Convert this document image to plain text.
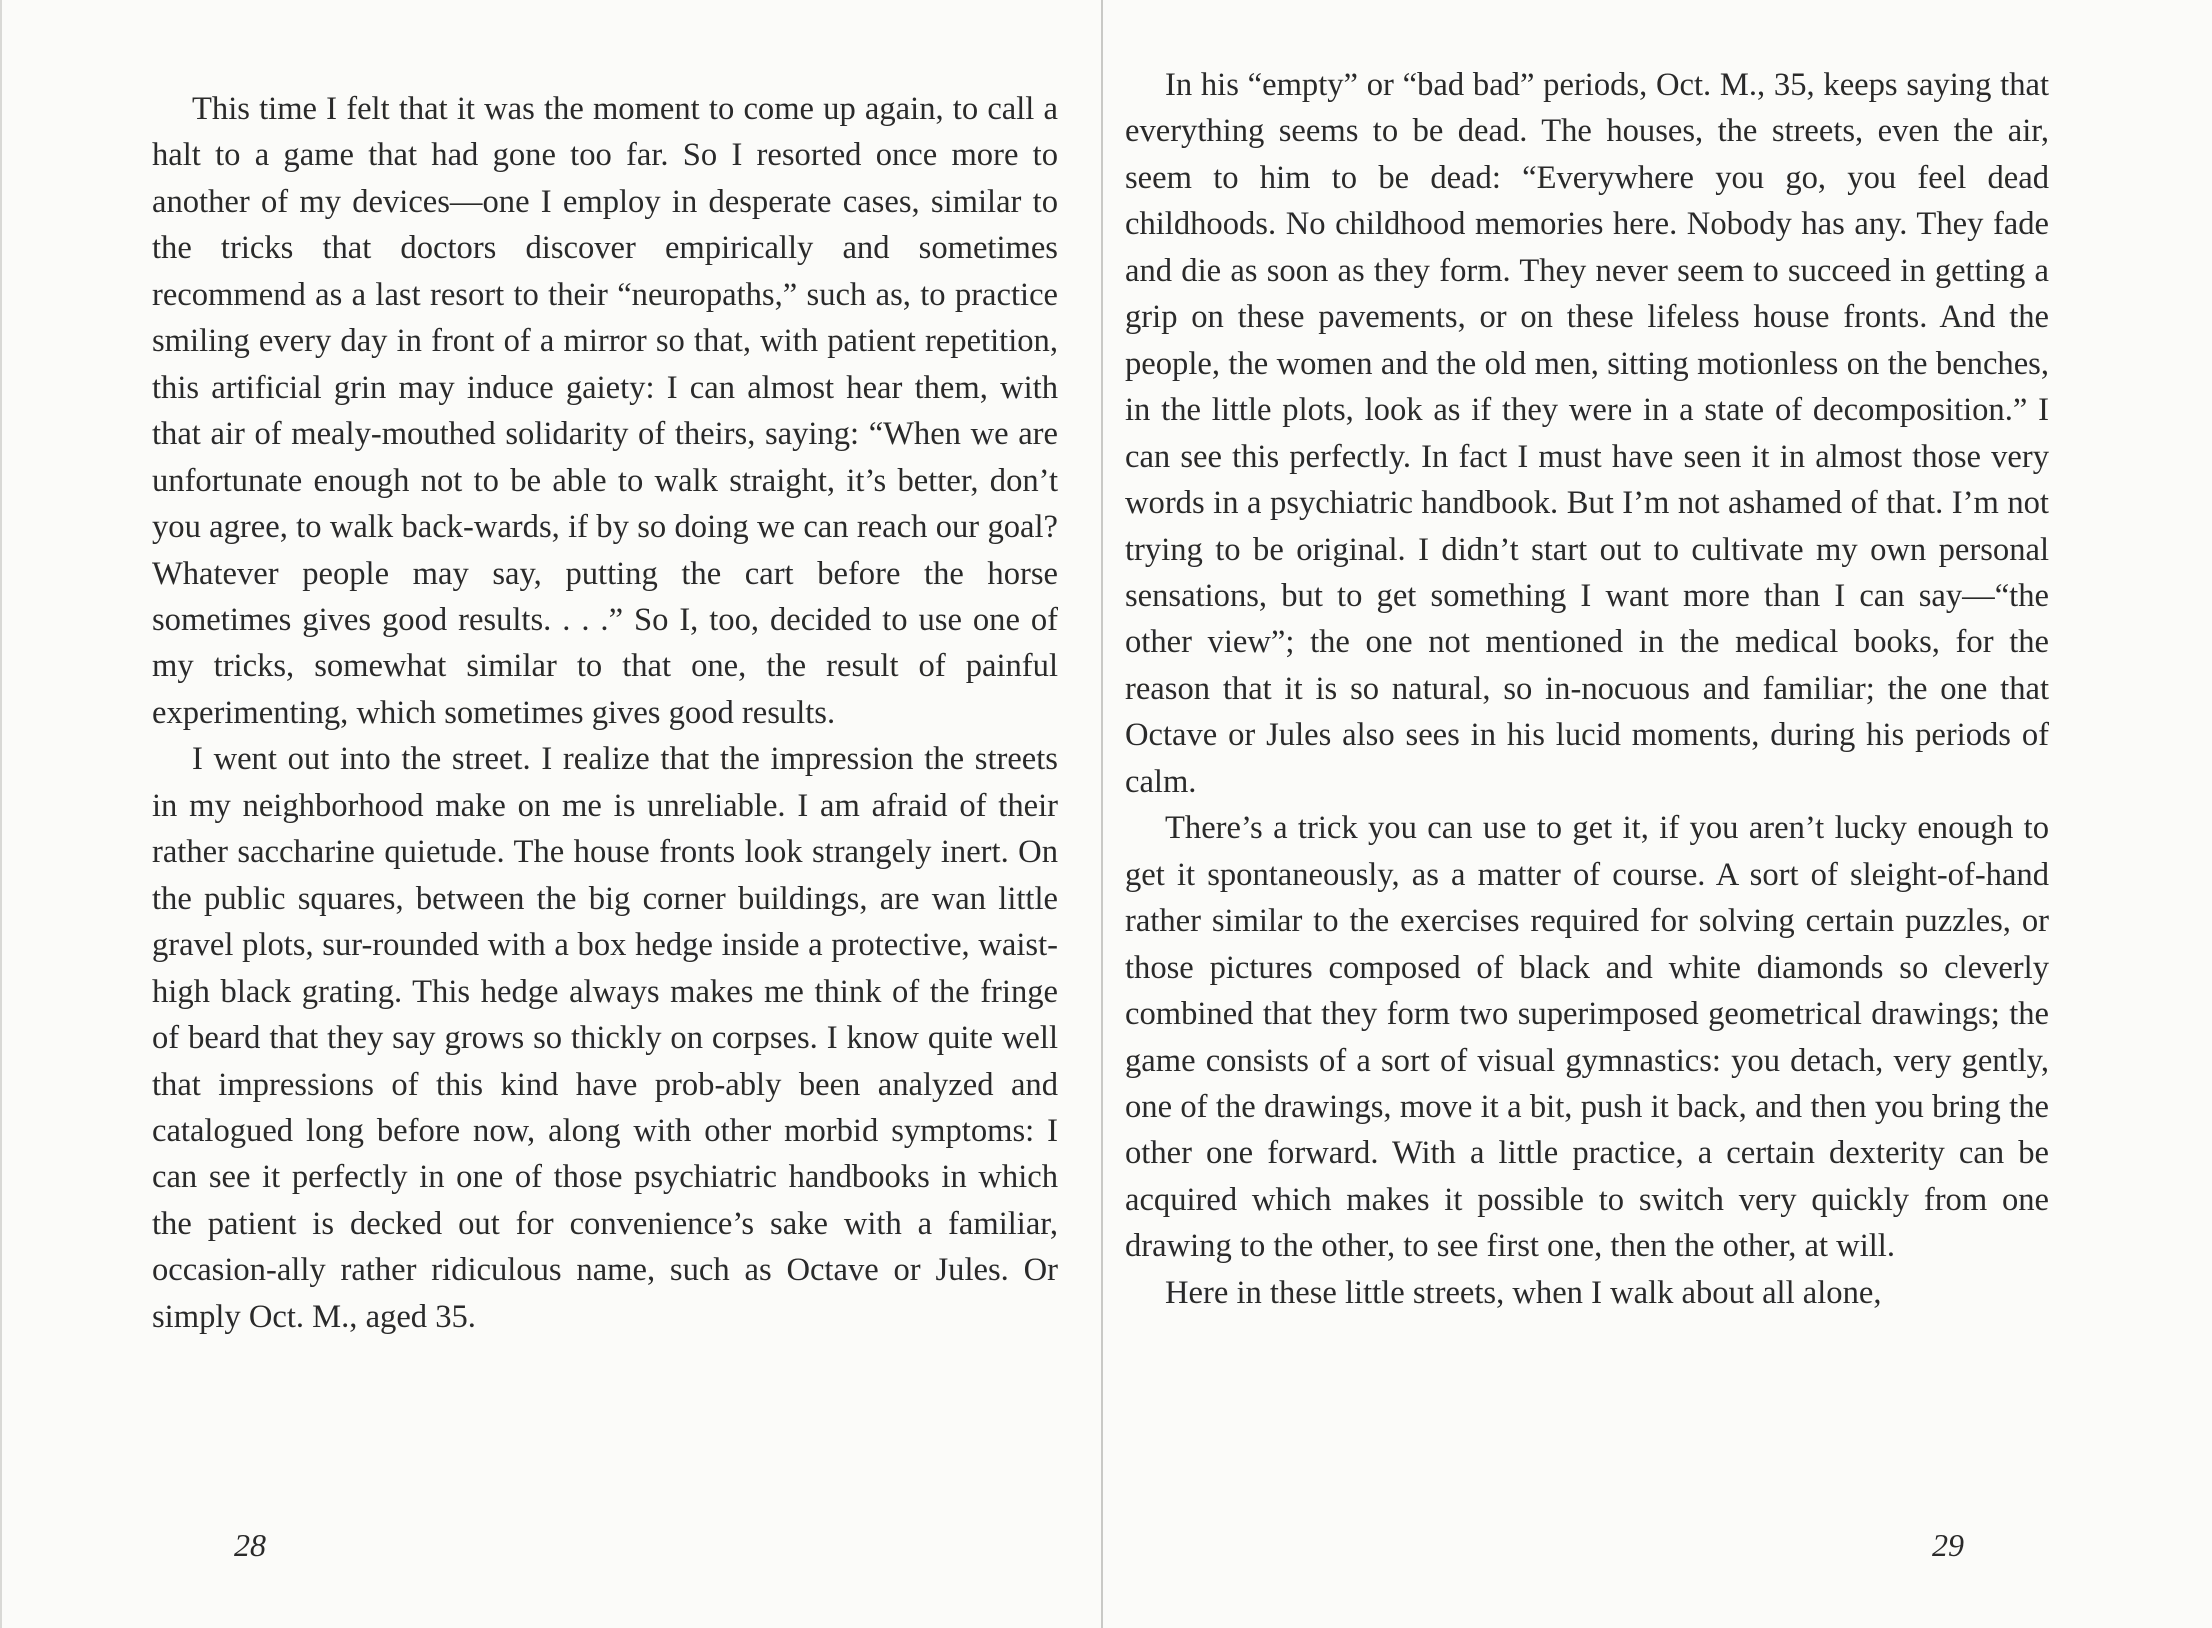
This time I felt that it was the moment to come up again, to call a halt to a game that had gone too far. So I resorted once more to another of my devices—one I employ in desperate cases, similar to the tricks that doctors discover empirically and sometimes recommend as a last resort to their “neuropaths,” such as, to practice smiling every day in front of a mirror so that, with patient repetition, this artificial grin may induce gaiety: I can almost hear them, with that air of mealy-mouthed solidarity of theirs, saying: “When we are unfortunate enough not to be able to walk straight, it’s better, don’t you agree, to walk back-wards, if by so doing we can reach our goal? Whatever people may say, putting the cart before the horse sometimes gives good results. . . .” So I, too, decided to use one of my tricks, somewhat similar to that one, the result of painful experimenting, which sometimes gives good results.

I went out into the street. I realize that the impression the streets in my neighborhood make on me is unreliable. I am afraid of their rather saccharine quietude. The house fronts look strangely inert. On the public squares, between the big corner buildings, are wan little gravel plots, sur-rounded with a box hedge inside a protective, waist-high black grating. This hedge always makes me think of the fringe of beard that they say grows so thickly on corpses. I know quite well that impressions of this kind have prob-ably been analyzed and catalogued long before now, along with other morbid symptoms: I can see it perfectly in one of those psychiatric handbooks in which the patient is decked out for convenience’s sake with a familiar, occasion-ally rather ridiculous name, such as Octave or Jules. Or simply Oct. M., aged 35.

28

In his “empty” or “bad bad” periods, Oct. M., 35, keeps saying that everything seems to be dead. The houses, the streets, even the air, seem to him to be dead: “Everywhere you go, you feel dead childhoods. No childhood memories here. Nobody has any. They fade and die as soon as they form. They never seem to succeed in getting a grip on these pavements, or on these lifeless house fronts. And the people, the women and the old men, sitting motionless on the benches, in the little plots, look as if they were in a state of decomposition.” I can see this perfectly. In fact I must have seen it in almost those very words in a psychiatric handbook. But I’m not ashamed of that. I’m not trying to be original. I didn’t start out to cultivate my own personal sensations, but to get something I want more than I can say—“the other view”; the one not mentioned in the medical books, for the reason that it is so natural, so in-nocuous and familiar; the one that Octave or Jules also sees in his lucid moments, during his periods of calm.

There’s a trick you can use to get it, if you aren’t lucky enough to get it spontaneously, as a matter of course. A sort of sleight-of-hand rather similar to the exercises required for solving certain puzzles, or those pictures composed of black and white diamonds so cleverly combined that they form two superimposed geometrical drawings; the game consists of a sort of visual gymnastics: you detach, very gently, one of the drawings, move it a bit, push it back, and then you bring the other one forward. With a little practice, a certain dexterity can be acquired which makes it possible to switch very quickly from one drawing to the other, to see first one, then the other, at will.

Here in these little streets, when I walk about all alone,

29
